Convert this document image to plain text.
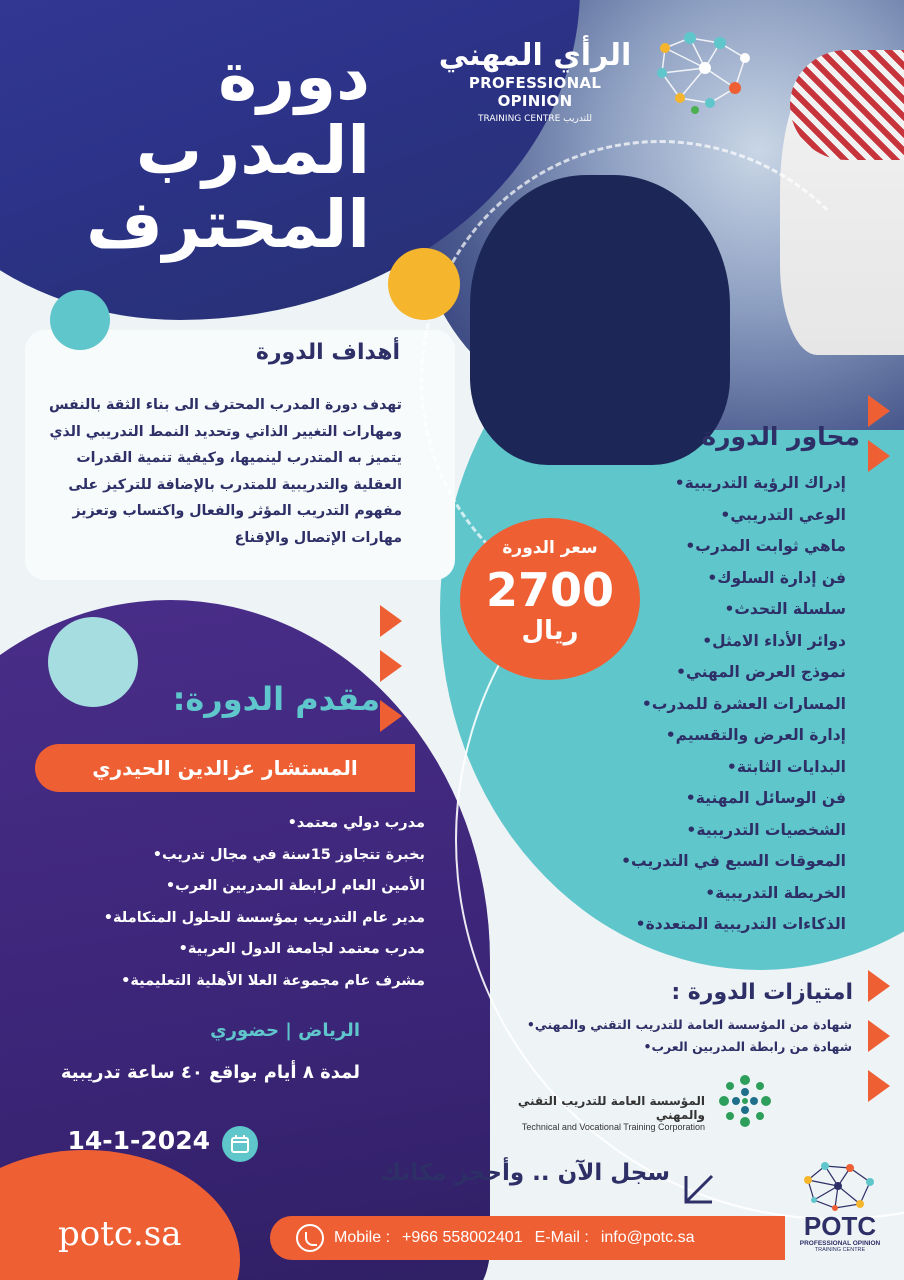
دورة
المدرب
المحترف
الرأي المهني
PROFESSIONAL OPINION
TRAINING CENTRE للتدريب
أهداف الدورة
تهدف دورة المدرب المحترف الى بناء الثقة بالنفس ومهارات التغيير الذاتي وتحديد النمط التدريبي الذي يتميز به المتدرب لينميها، وكيفية تنمية القدرات العقلية والتدريبية للمتدرب بالإضافة للتركيز على مفهوم التدريب المؤثر والفعال واكتساب وتعزيز مهارات الإتصال والإقناع
سعر الدورة
2700
ريال
محاور الدورة
إدراك الرؤية التدريبية •
الوعي التدريبي •
ماهي ثوابت المدرب •
فن إدارة السلوك •
سلسلة التحدث •
دوائر الأداء الامثل •
نموذج العرض المهني •
المسارات العشرة للمدرب •
إدارة العرض والتقسيم •
البدايات الثابتة •
فن الوسائل المهنية •
الشخصيات التدريبية •
المعوقات السبع في التدريب •
الخريطة التدريبية •
الذكاءات التدريبية المتعددة •
مقدم الدورة:
المستشار عزالدين الحيدري
مدرب دولي معتمد •
بخبرة تتجاوز 15سنة في مجال تدريب •
الأمين العام لرابطة المدربين العرب •
مدير عام التدريب بمؤسسة للحلول المتكاملة •
مدرب معتمد لجامعة الدول العربية •
مشرف عام مجموعة العلا الأهلية التعليمية •
الرياض | حضوري
لمدة ٨ أيام بواقع ٤٠ ساعة تدريبية
14-1-2024
امتيازات الدورة :
شهادة من المؤسسة العامة للتدريب التقني والمهني •
شهادة من رابطة المدربين العرب •
المؤسسة العامة للتدريب التقني والمهني
Technical and Vocational Training Corporation
سجل الآن .. وأحجز مكانك
Mobile : +966 558002401 E-Mail : info@potc.sa
potc.sa	POTC
PROFESSIONAL OPINION
TRAINING CENTRE
